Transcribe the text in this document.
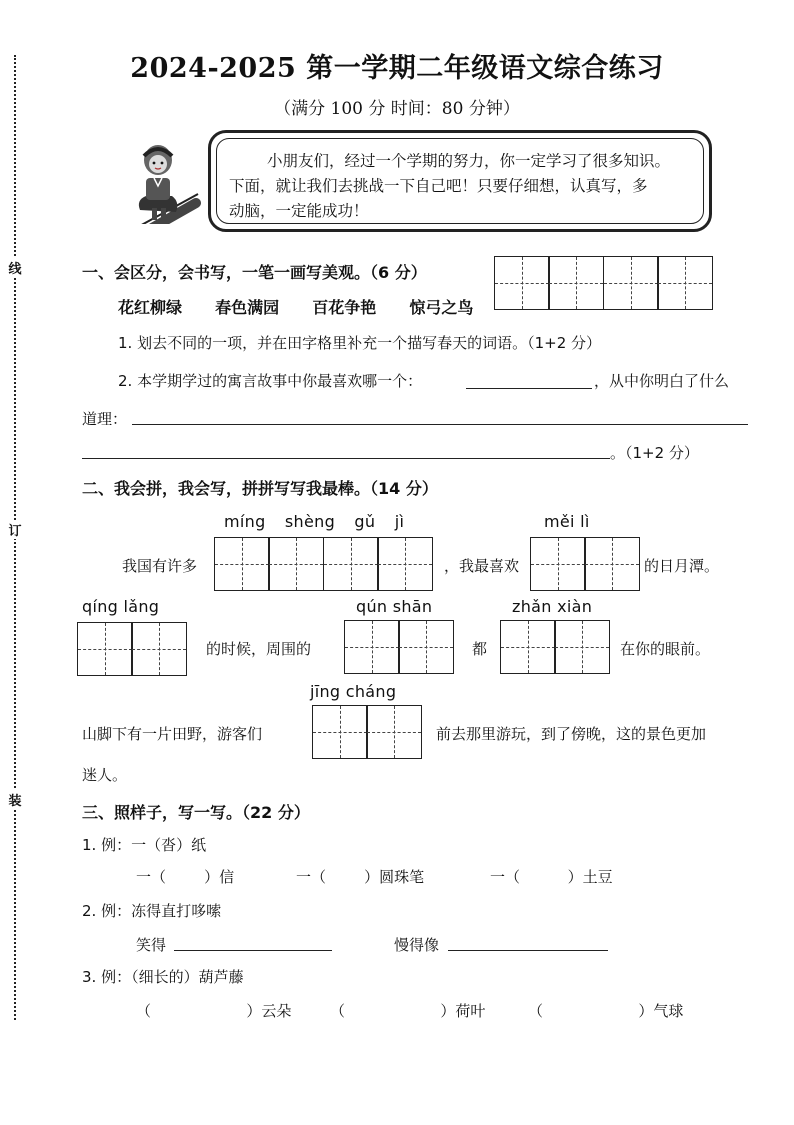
线
订
装
2024-2025 第一学期二年级语文综合练习
（满分 100 分 时间：80 分钟）
小朋友们，经过一个学期的努力，你一定学习了很多知识。
下面，就让我们去挑战一下自己吧！只要仔细想，认真写，多
动脑，一定能成功！
一、会区分，会书写，一笔一画写美观。（6 分）
花红柳绿 春色满园 百花争艳 惊弓之鸟
1. 划去不同的一项，并在田字格里补充一个描写春天的词语。（1+2 分）
2. 本学期学过的寓言故事中你最喜欢哪一个：	，从中你明白了什么
道理：
。（1+2 分）
二、我会拼，我会写，拼拼写写我最棒。（14 分）
míng shèng gǔ jì	měi lì
我国有许多	，我最喜欢	的日月潭。
qíng lǎng	qún shān	zhǎn xiàn
的时候，周围的	都	在你的眼前。
jīng cháng
山脚下有一片田野，游客们	前去那里游玩，到了傍晚，这的景色更加
迷人。
三、照样子，写一写。（22 分）
1. 例：一（沓）纸
一（        ）信	一（        ）圆珠笔	一（          ）土豆
2. 例：冻得直打哆嗦
笑得	慢得像
3. 例：（细长的）葫芦藤
（                    ）云朵	（                    ）荷叶	（                    ）气球
